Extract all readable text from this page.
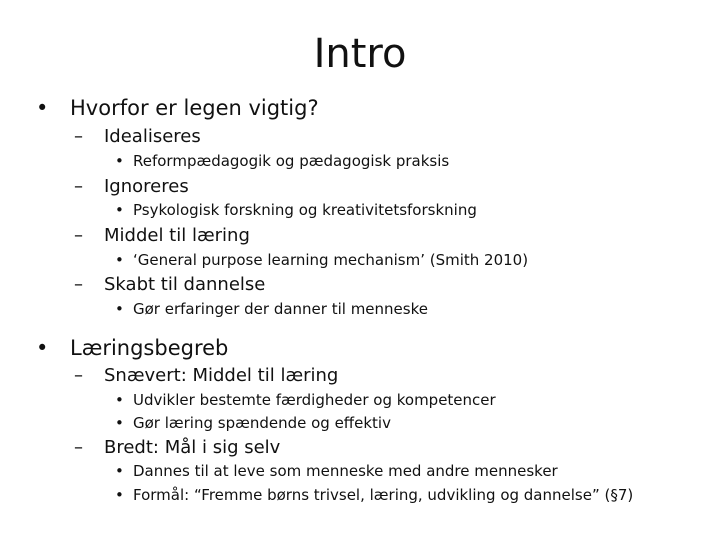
Intro
• Hvorfor er legen vigtig?
– Idealiseres
• Reformpædagogik og pædagogisk praksis
– Ignoreres
• Psykologisk forskning og kreativitetsforskning
– Middel til læring
• ‘General purpose learning mechanism’ (Smith 2010)
– Skabt til dannelse
• Gør erfaringer der danner til menneske
• Læringsbegreb
– Snævert: Middel til læring
• Udvikler bestemte færdigheder og kompetencer
• Gør læring spændende og effektiv
– Bredt: Mål i sig selv
• Dannes til at leve som menneske med andre mennesker
• Formål: “Fremme børns trivsel, læring, udvikling og dannelse” (§7)
